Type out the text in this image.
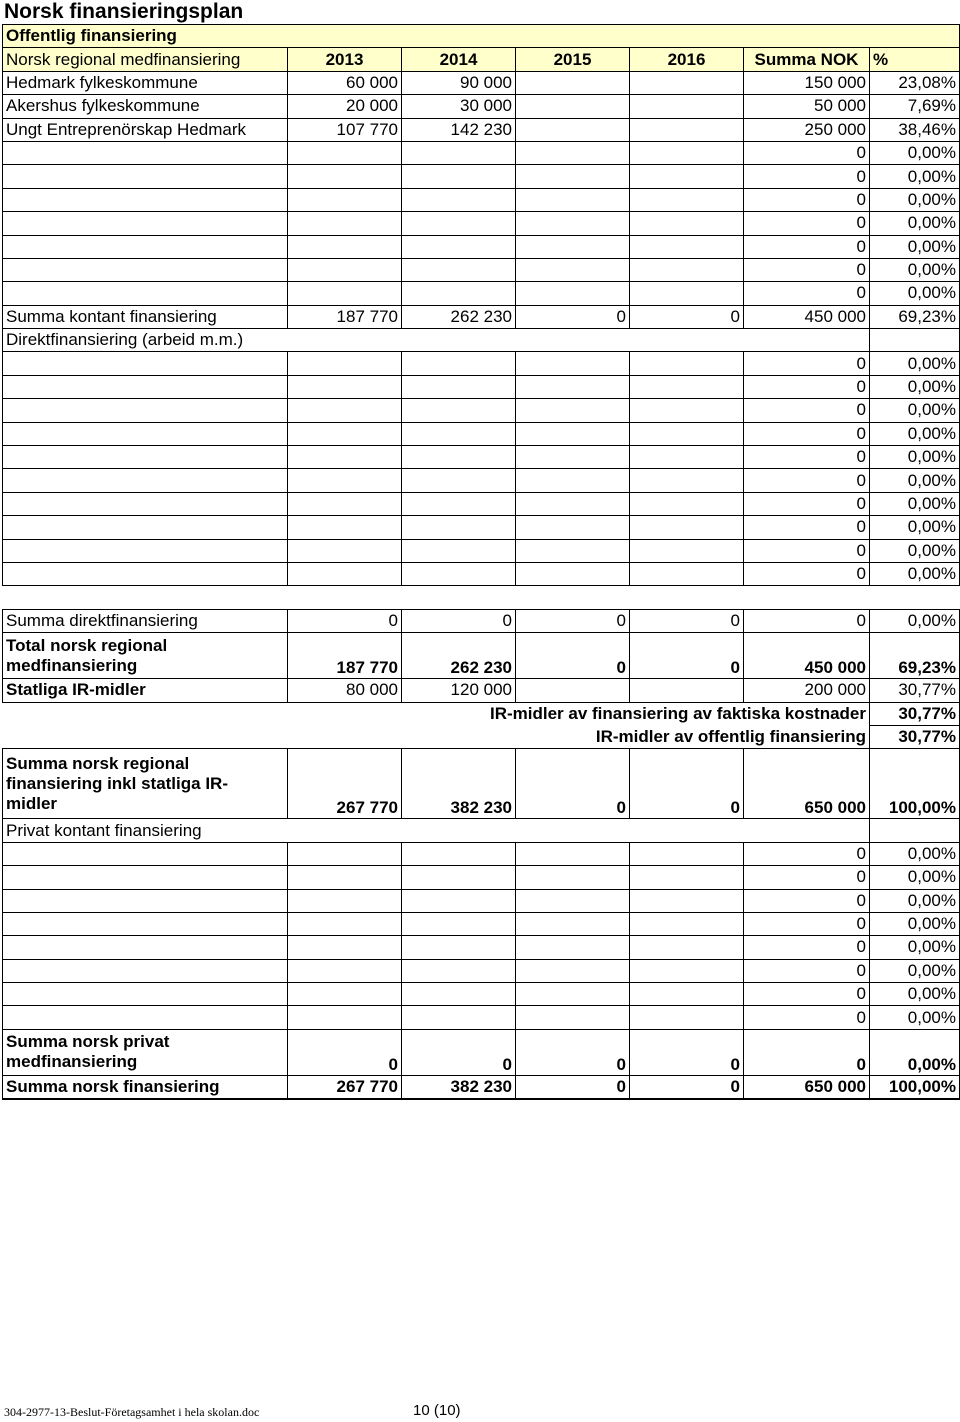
Norsk finansieringsplan
Offentlig finansiering						
Norsk regional medfinansiering	2013	2014	2015	2016	Summa NOK	%
Hedmark fylkeskommune	60 000	90 000			150 000	23,08%
Akershus fylkeskommune	20 000	30 000			50 000	7,69%
Ungt Entreprenörskap Hedmark	107 770	142 230			250 000	38,46%
					0	0,00%
					0	0,00%
					0	0,00%
					0	0,00%
					0	0,00%
					0	0,00%
					0	0,00%
Summa kontant finansiering	187 770	262 230	0	0	450 000	69,23%
Direktfinansiering (arbeid m.m.)						
					0	0,00%
					0	0,00%
					0	0,00%
					0	0,00%
					0	0,00%
					0	0,00%
					0	0,00%
					0	0,00%
					0	0,00%
					0	0,00%

Summa direktfinansiering	0	0	0	0	0	0,00%
Total norsk regional
medfinansiering	187 770	262 230	0	0	450 000	69,23%
Statliga IR-midler	80 000	120 000			200 000	30,77%
IR-midler av finansiering av faktiska kostnader						30,77%
IR-midler av offentlig finansiering						30,77%
Summa norsk regional
finansiering inkl statliga IR-
midler	267 770	382 230	0	0	650 000	100,00%
Privat kontant finansiering						
					0	0,00%
					0	0,00%
					0	0,00%
					0	0,00%
					0	0,00%
					0	0,00%
					0	0,00%
					0	0,00%
Summa norsk privat
medfinansiering	0	0	0	0	0	0,00%
Summa norsk finansiering	267 770	382 230	0	0	650 000	100,00%
304-2977-13-Beslut-Företagsamhet i hela skolan.doc	10 (10)
